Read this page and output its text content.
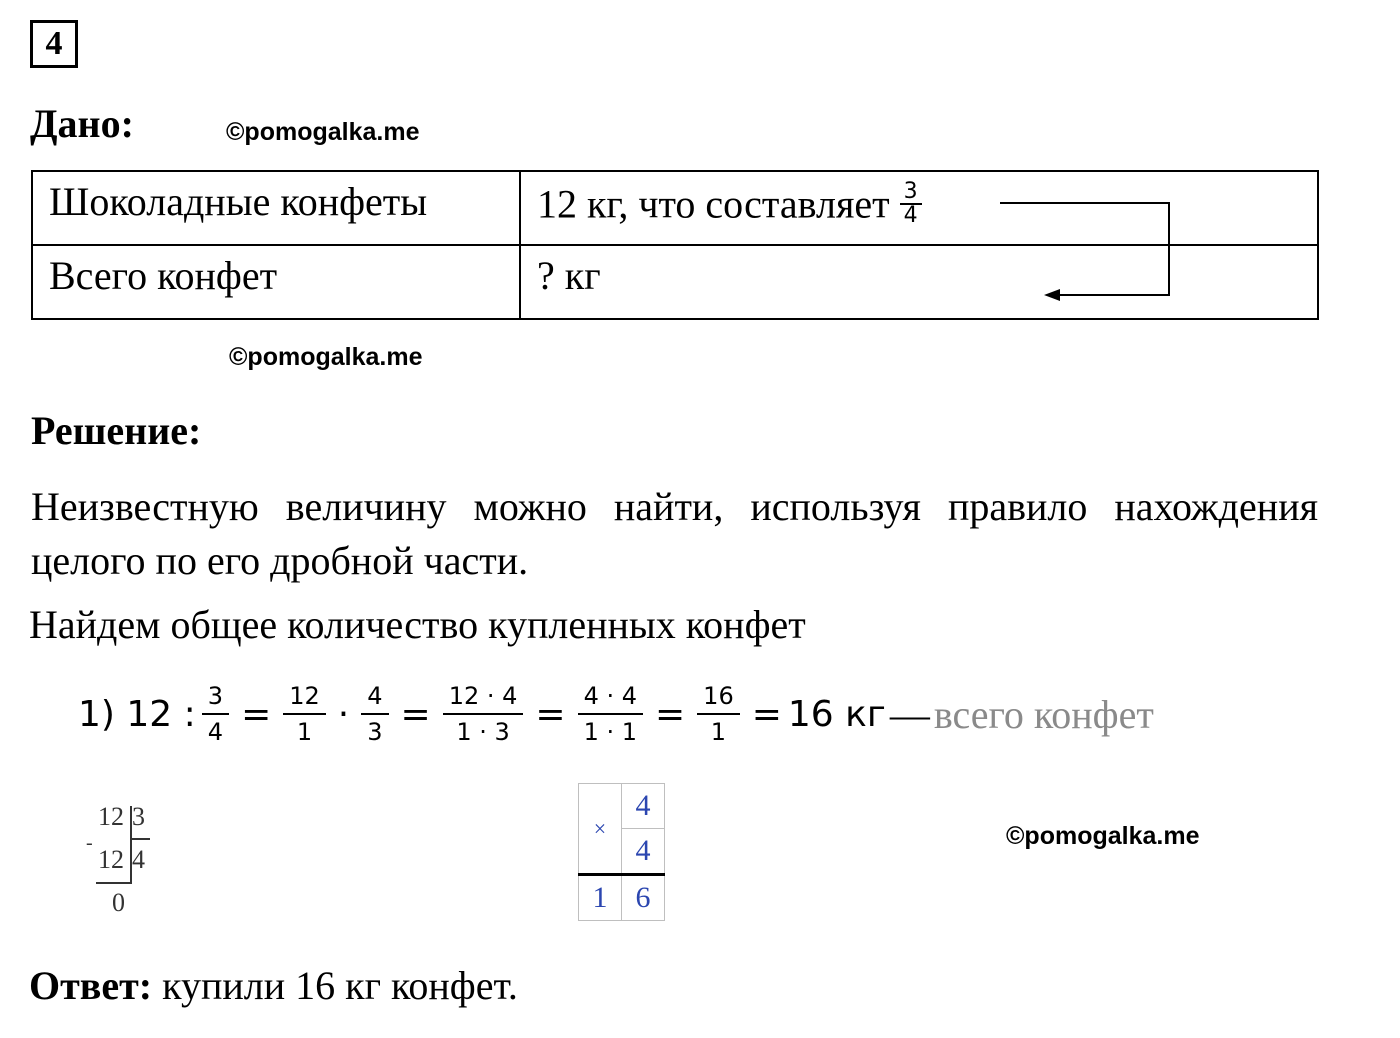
4
Дано:	©pomogalka.me
Шоколадные конфеты	12 кг, что составляет $\frac{3}{4}$

Всего конфет	? кг
©pomogalka.me
Решение:
Неизвестную величину можно найти, используя правило нахождения целого по его дробной части.
Найдем общее количество купленных конфет
1) 12 : $\frac{3}{4} = \frac{12}{1} \cdot \frac{4}{3} = \frac{12 \cdot 4}{1 \cdot 3} = \frac{4 \cdot 4}{1 \cdot 1} = \frac{16}{1} = 16$ кг — всего конфет
12 3
-
12 4
0
×	4
	4
1	6
©pomogalka.me
Ответ: купили 16 кг конфет.
